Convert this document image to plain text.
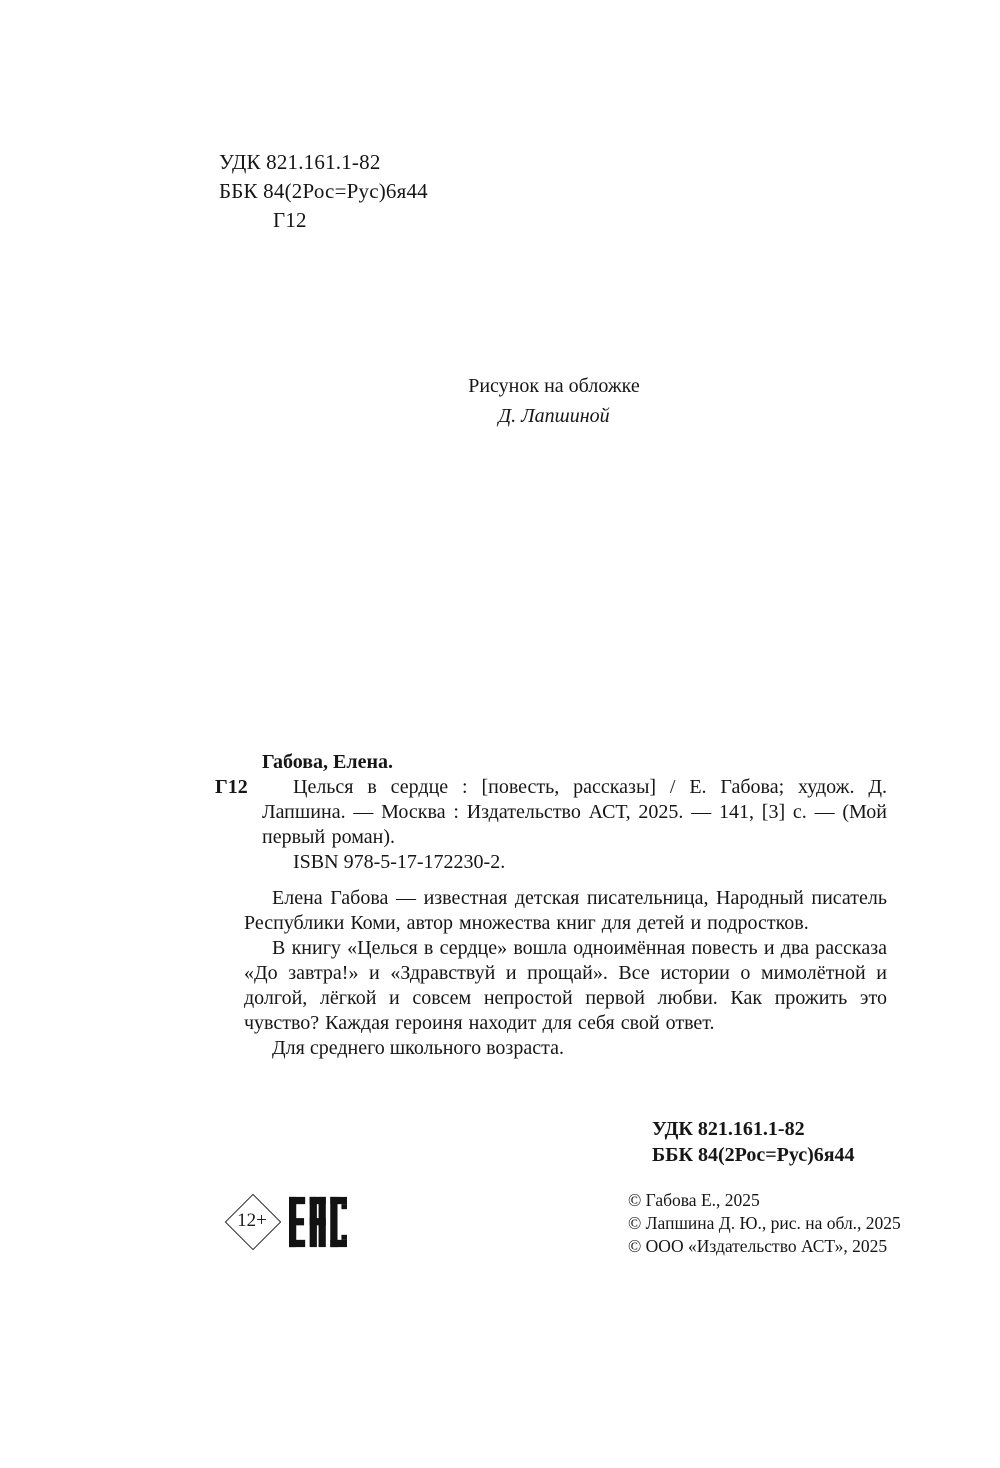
УДК 821.161.1-82
ББК 84(2Рос=Рус)6я44
Г12
Рисунок на обложке
Д. Лапшиной
Габова, Елена.
Г12	Целься в сердце : [повесть, рассказы] / Е. Габова; худож. Д. Лапшина. — Москва : Издательство АСТ, 2025. — 141, [3] с. — (Мой первый роман).

ISBN 978-5-17-172230-2.

Елена Габова — известная детская писательница, Народный писатель Республики Коми, автор множества книг для детей и подростков.

В книгу «Целься в сердце» вошла одноимённая повесть и два рассказа «До завтра!» и «Здравствуй и прощай». Все истории о мимолётной и долгой, лёгкой и совсем непростой первой любви. Как прожить это чувство? Каждая героиня находит для себя свой ответ.

Для среднего школьного возраста.

УДК 821.161.1-82
ББК 84(2Рос=Рус)6я44
12+
© Габова Е., 2025
© Лапшина Д. Ю., рис. на обл., 2025
© ООО «Издательство АСТ», 2025
